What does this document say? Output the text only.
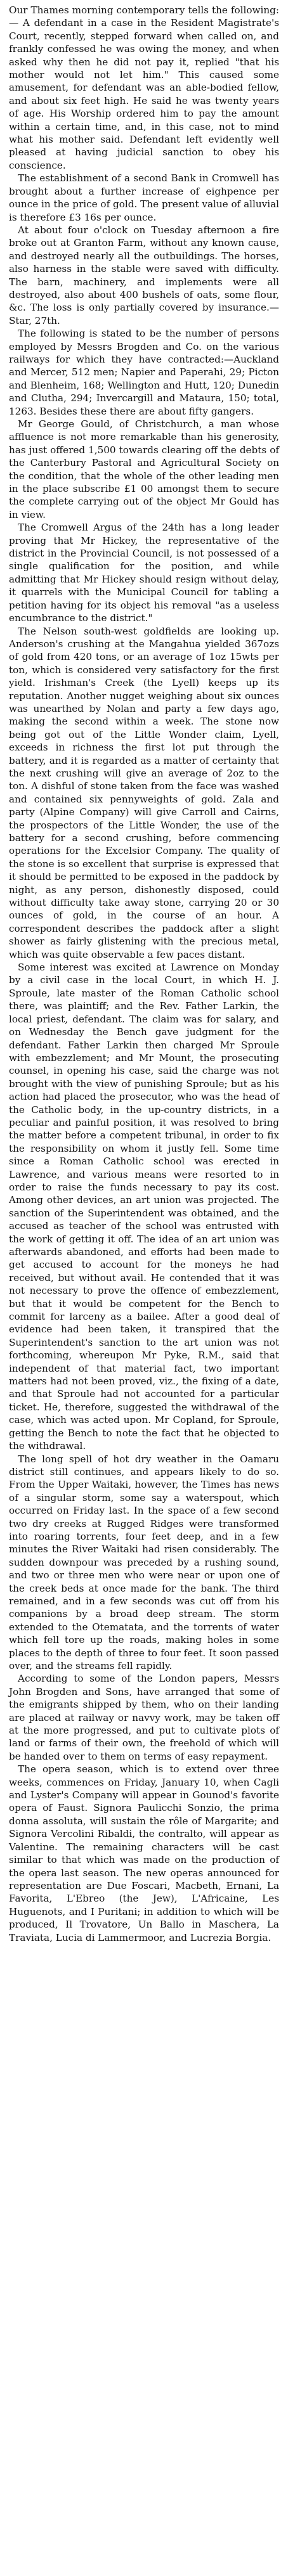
Our Thames morning contemporary tells the following:— A defendant in a case in the Resident Magistrate's Court, recently, stepped forward when called on, and frankly confessed he was owing the money, and when asked why then he did not pay it, replied "that his mother would not let him." This caused some amusement, for defendant was an able-bodied fellow, and about six feet high. He said he was twenty years of age. His Worship ordered him to pay the amount within a certain time, and, in this case, not to mind what his mother said. Defendant left evidently well pleased at having judicial sanction to obey his conscience.

The establishment of a second Bank in Cromwell has brought about a further increase of eighpence per ounce in the price of gold. The present value of alluvial is therefore £3 16s per ounce.

At about four o'clock on Tuesday afternoon a fire broke out at Granton Farm, without any known cause, and destroyed nearly all the outbuildings. The horses, also harness in the stable were saved with difficulty. The barn, machinery, and implements were all destroyed, also about 400 bushels of oats, some flour, &c. The loss is only partially covered by insurance.—Star, 27th.

The following is stated to be the number of persons employed by Messrs Brogden and Co. on the various railways for which they have contracted:—Auckland and Mercer, 512 men; Napier and Paperahi, 29; Picton and Blenheim, 168; Wellington and Hutt, 120; Dunedin and Clutha, 294; Invercargill and Mataura, 150; total, 1263. Besides these there are about fifty gangers.

Mr George Gould, of Christchurch, a man whose affluence is not more remarkable than his generosity, has just offered 1,500 towards clearing off the debts of the Canterbury Pastoral and Agricultural Society on the condition, that the whole of the other leading men in the place subscribe £1 00 amongst them to secure the complete carrying out of the object Mr Gould has in view.

The Cromwell Argus of the 24th has a long leader proving that Mr Hickey, the representative of the district in the Provincial Council, is not possessed of a single qualification for the position, and while admitting that Mr Hickey should resign without delay, it quarrels with the Municipal Council for tabling a petition having for its object his removal "as a useless encumbrance to the district."

The Nelson south-west goldfields are looking up. Anderson's crushing at the Mangahua yielded 367ozs of gold from 420 tons, or an average of 1oz 15wts per ton, which is considered very satisfactory for the first yield. Irishman's Creek (the Lyell) keeps up its reputation. Another nugget weighing about six ounces was unearthed by Nolan and party a few days ago, making the second within a week. The stone now being got out of the Little Wonder claim, Lyell, exceeds in richness the first lot put through the battery, and it is regarded as a matter of certainty that the next crushing will give an average of 2oz to the ton. A dishful of stone taken from the face was washed and contained six pennyweights of gold. Zala and party (Alpine Company) will give Carroll and Cairns, the prospectors of the Little Wonder, the use of the battery for a second crushing, before commencing operations for the Excelsior Company. The quality of the stone is so excellent that surprise is expressed that it should be permitted to be exposed in the paddock by night, as any person, dishonestly disposed, could without difficulty take away stone, carrying 20 or 30 ounces of gold, in the course of an hour. A correspondent describes the paddock after a slight shower as fairly glistening with the precious metal, which was quite observable a few paces distant.

Some interest was excited at Lawrence on Monday by a civil case in the local Court, in which H. J. Sproule, late master of the Roman Catholic school there, was plaintiff; and the Rev. Father Larkin, the local priest, defendant. The claim was for salary, and on Wednesday the Bench gave judgment for the defendant. Father Larkin then charged Mr Sproule with embezzlement; and Mr Mount, the prosecuting counsel, in opening his case, said the charge was not brought with the view of punishing Sproule; but as his action had placed the prosecutor, who was the head of the Catholic body, in the up-country districts, in a peculiar and painful position, it was resolved to bring the matter before a competent tribunal, in order to fix the responsibility on whom it justly fell. Some time since a Roman Catholic school was erected in Lawrence, and various means were resorted to in order to raise the funds necessary to pay its cost. Among other devices, an art union was projected. The sanction of the Superintendent was obtained, and the accused as teacher of the school was entrusted with the work of getting it off. The idea of an art union was afterwards abandoned, and efforts had been made to get accused to account for the moneys he had received, but without avail. He contended that it was not necessary to prove the offence of embezzlement, but that it would be competent for the Bench to commit for larceny as a bailee. After a good deal of evidence had been taken, it transpired that the Superintendent's sanction to the art union was not forthcoming, whereupon Mr Pyke, R.M., said that independent of that material fact, two important matters had not been proved, viz., the fixing of a date, and that Sproule had not accounted for a particular ticket. He, therefore, suggested the withdrawal of the case, which was acted upon. Mr Copland, for Sproule, getting the Bench to note the fact that he objected to the withdrawal.

The long spell of hot dry weather in the Oamaru district still continues, and appears likely to do so. From the Upper Waitaki, however, the Times has news of a singular storm, some say a waterspout, which occurred on Friday last. In the space of a few second two dry creeks at Rugged Ridges were transformed into roaring torrents, four feet deep, and in a few minutes the River Waitaki had risen considerably. The sudden downpour was preceded by a rushing sound, and two or three men who were near or upon one of the creek beds at once made for the bank. The third remained, and in a few seconds was cut off from his companions by a broad deep stream. The storm extended to the Otematata, and the torrents of water which fell tore up the roads, making holes in some places to the depth of three to four feet. It soon passed over, and the streams fell rapidly.

According to some of the London papers, Messrs John Brogden and Sons, have arranged that some of the emigrants shipped by them, who on their landing are placed at railway or navvy work, may be taken off at the more progressed, and put to cultivate plots of land or farms of their own, the freehold of which will be handed over to them on terms of easy repayment.

The opera season, which is to extend over three weeks, commences on Friday, January 10, when Cagli and Lyster's Company will appear in Gounod's favorite opera of Faust. Signora Paulicchi Sonzio, the prima donna assoluta, will sustain the rôle of Margarite; and Signora Vercolini Ribaldi, the contralto, will appear as Valentine. The remaining characters will be cast similar to that which was made on the production of the opera last season. The new operas announced for representation are Due Foscari, Macbeth, Ernani, La Favorita, L'Ebreo (the Jew), L'Africaine, Les Huguenots, and I Puritani; in addition to which will be produced, Il Trovatore, Un Ballo in Maschera, La Traviata, Lucia di Lammermoor, and Lucrezia Borgia.
